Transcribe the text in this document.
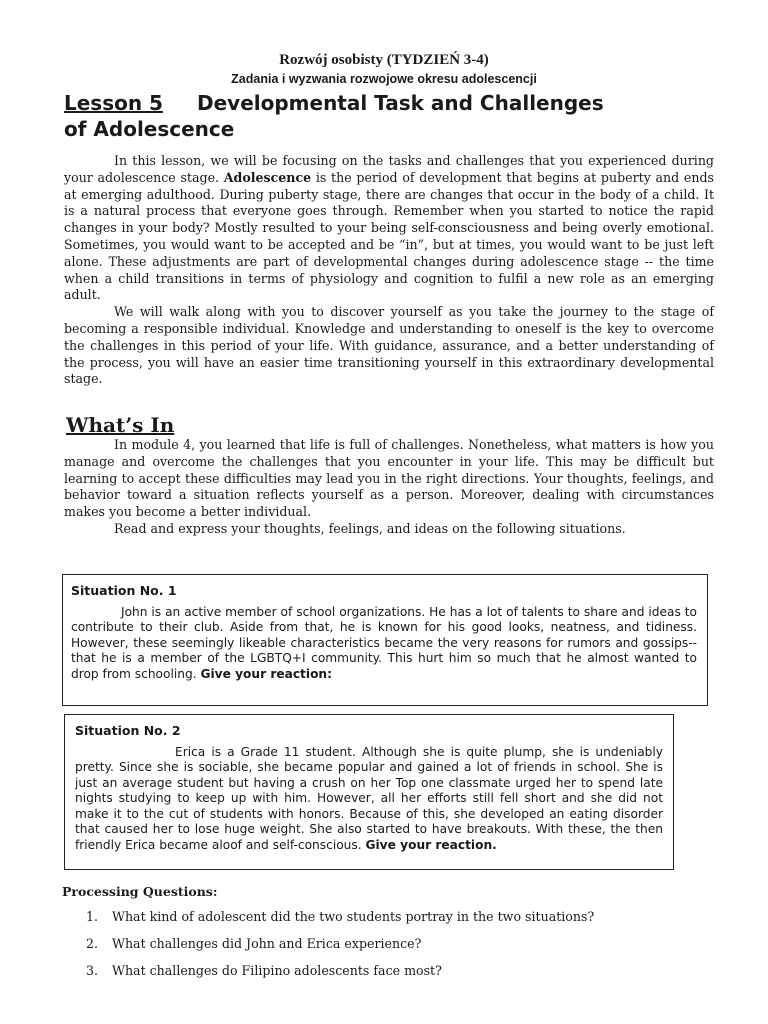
Rozwój osobisty (TYDZIEŃ 3-4)
Zadania i wyzwania rozwojowe okresu adolescencji
Lesson 5 Developmental Task and Challenges
of Adolescence

In this lesson, we will be focusing on the tasks and challenges that you experienced during your adolescence stage. Adolescence is the period of development that begins at puberty and ends at emerging adulthood. During puberty stage, there are changes that occur in the body of a child. It is a natural process that everyone goes through. Remember when you started to notice the rapid changes in your body? Mostly resulted to your being self-consciousness and being overly emotional. Sometimes, you would want to be accepted and be “in”, but at times, you would want to be just left alone. These adjustments are part of developmental changes during adolescence stage -- the time when a child transitions in terms of physiology and cognition to fulfil a new role as an emerging adult.

We will walk along with you to discover yourself as you take the journey to the stage of becoming a responsible individual. Knowledge and understanding to oneself is the key to overcome the challenges in this period of your life. With guidance, assurance, and a better understanding of the process, you will have an easier time transitioning yourself in this extraordinary developmental stage.

What’s In

In module 4, you learned that life is full of challenges. Nonetheless, what matters is how you manage and overcome the challenges that you encounter in your life. This may be difficult but learning to accept these difficulties may lead you in the right directions. Your thoughts, feelings, and behavior toward a situation reflects yourself as a person. Moreover, dealing with circumstances makes you become a better individual.

Read and express your thoughts, feelings, and ideas on the following situations.

Situation No. 1
John is an active member of school organizations. He has a lot of talents to share and ideas to contribute to their club. Aside from that, he is known for his good looks, neatness, and tidiness. However, these seemingly likeable characteristics became the very reasons for rumors and gossips-- that he is a member of the LGBTQ+I community. This hurt him so much that he almost wanted to drop from schooling. Give your reaction:
Situation No. 2
Erica is a Grade 11 student. Although she is quite plump, she is undeniably pretty. Since she is sociable, she became popular and gained a lot of friends in school. She is just an average student but having a crush on her Top one classmate urged her to spend late nights studying to keep up with him. However, all her efforts still fell short and she did not make it to the cut of students with honors. Because of this, she developed an eating disorder that caused her to lose huge weight. She also started to have breakouts. With these, the then friendly Erica became aloof and self-conscious. Give your reaction.
Processing Questions:
1. What kind of adolescent did the two students portray in the two situations?
2. What challenges did John and Erica experience?
3. What challenges do Filipino adolescents face most?
